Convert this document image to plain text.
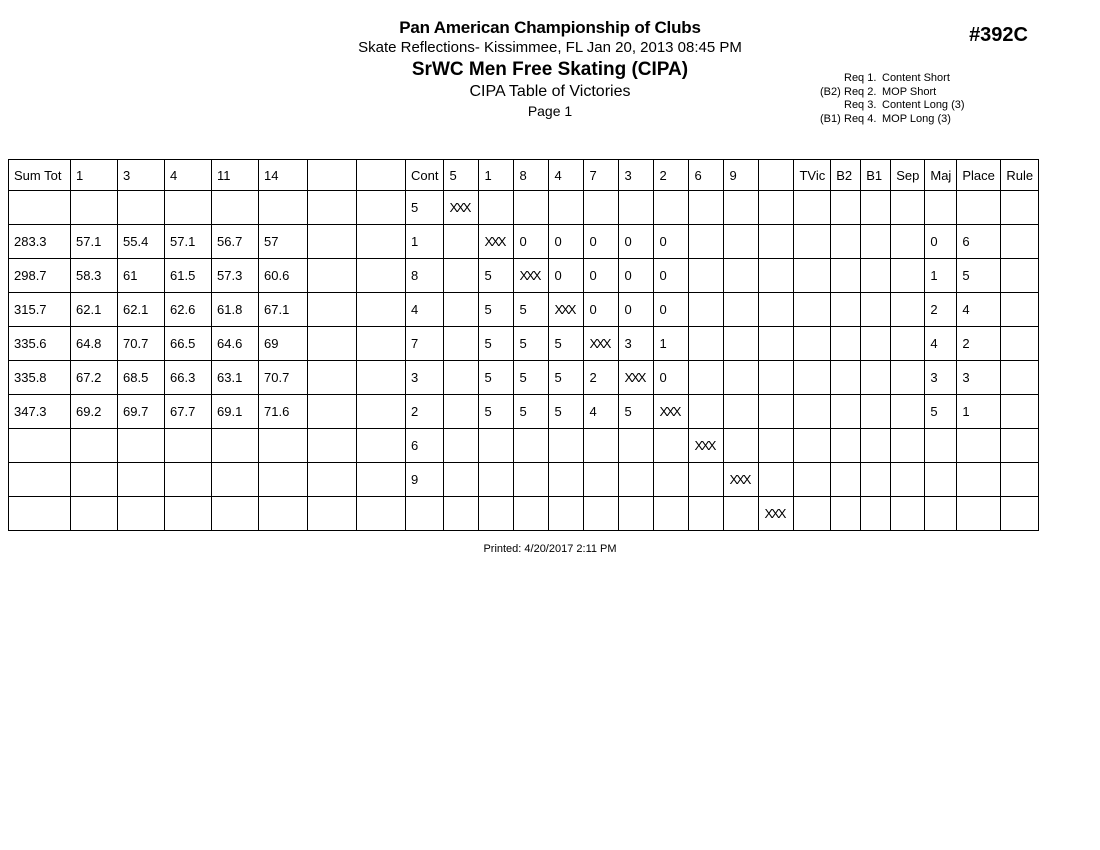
Pan American Championship of Clubs
Skate Reflections- Kissimmee, FL Jan 20, 2013 08:45 PM
SrWC Men Free Skating (CIPA)
CIPA Table of Victories
Page 1
#392C
Req 1. Content Short
(B2) Req 2. MOP Short
Req 3. Content Long (3)
(B1) Req 4. MOP Long (3)
Sum Tot	1	3	4	11	14			Cont	5	1	8	4	7	3	2	6	9		TVic	B2	B1	Sep	Maj	Place	Rule
								5	XXX																
283.3	57.1	55.4	57.1	56.7	57			1		XXX	0	0	0	0	0								0	6	
298.7	58.3	61	61.5	57.3	60.6			8		5	XXX	0	0	0	0								1	5	
315.7	62.1	62.1	62.6	61.8	67.1			4		5	5	XXX	0	0	0								2	4	
335.6	64.8	70.7	66.5	64.6	69			7		5	5	5	XXX	3	1								4	2	
335.8	67.2	68.5	66.3	63.1	70.7			3		5	5	5	2	XXX	0								3	3	
347.3	69.2	69.7	67.7	69.1	71.6			2		5	5	5	4	5	XXX								5	1	
								6								XXX									
								9									XXX								
																		XXX							
Printed: 4/20/2017 2:11 PM
